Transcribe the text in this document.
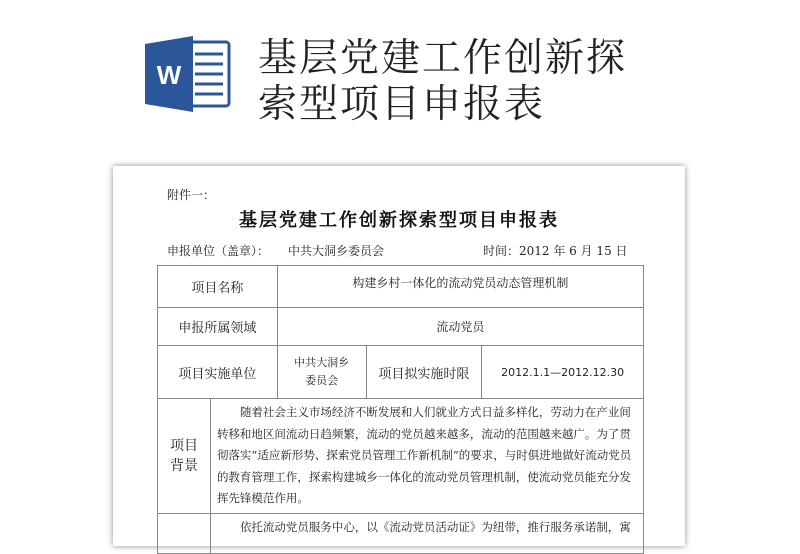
W 基层党建工作创新探
索型项目申报表
附件一：
基层党建工作创新探索型项目申报表
申报单位（盖章）： 中共大洞乡委员会	时间：2012 年 6 月 15 日
项目名称		构建乡村一体化的流动党员动态管理机制		
申报所属领域		流动党员		
项目实施单位		中共大洞乡委员会	项目拟实施时限	2012.1.1—2012.12.30
项目背景	随着社会主义市场经济不断发展和人们就业方式日益多样化，劳动力在产业间转移和地区间流动日趋频繁，流动的党员越来越多，流动的范围越来越广。为了贯彻落实“适应新形势、探索党员管理工作新机制”的要求，与时俱进地做好流动党员的教育管理工作，探索构建城乡一体化的流动党员管理机制，使流动党员能充分发挥先锋模范作用。			
	依托流动党员服务中心，以《流动党员活动证》为纽带，推行服务承诺制，寓			
